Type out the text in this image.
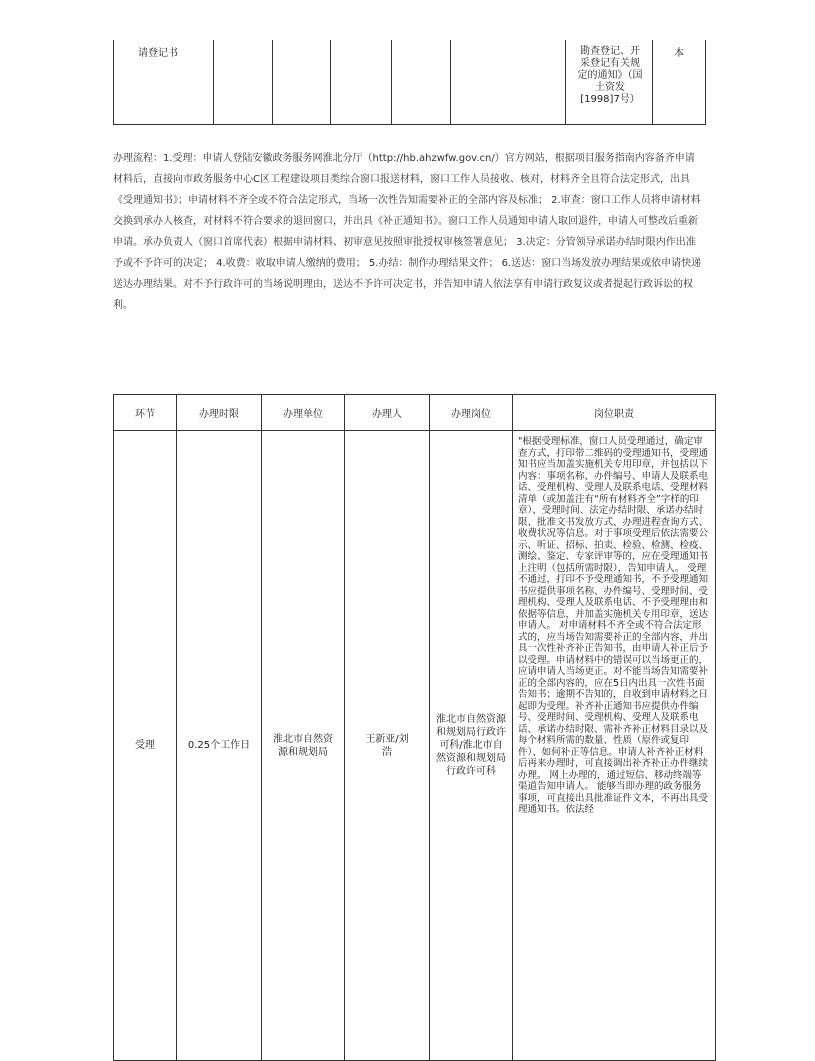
请登记书						勘查登记、开采登记有关规定的通知》（国土资发[1998]7号）	本
办理流程：1.受理：申请人登陆安徽政务服务网淮北分厅（http://hb.ahzwfw.gov.cn/）官方网站，根据项目服务指南内容备齐申请材料后，直接向市政务服务中心C区工程建设项目类综合窗口报送材料，窗口工作人员接收、核对，材料齐全且符合法定形式，出具《受理通知书》；申请材料不齐全或不符合法定形式，当场一次性告知需要补正的全部内容及标准； 2.审查：窗口工作人员将申请材料交换到承办人核查，对材料不符合要求的退回窗口，并出具《补正通知书》。窗口工作人员通知申请人取回退件，申请人可整改后重新申请。承办负责人（窗口首席代表）根据申请材料、初审意见按照审批授权审核签署意见； 3.决定：分管领导承诺办结时限内作出准予或不予许可的决定； 4.收费：收取申请人缴纳的费用； 5.办结：制作办理结果文件； 6.送达：窗口当场发放办理结果或依申请快递送达办理结果。对不予行政许可的当场说明理由，送达不予许可决定书，并告知申请人依法享有申请行政复议或者提起行政诉讼的权利。
环节	办理时限	办理单位	办理人	办理岗位	岗位职责
受理	0.25个工作日	淮北市自然资源和规划局	王新亚/刘浩	淮北市自然资源和规划局行政许可科/淮北市自然资源和规划局行政许可科	"根据受理标准，窗口人员受理通过，确定审查方式，打印带二维码的受理通知书，受理通知书应当加盖实施机关专用印章，并包括以下内容：事项名称、办件编号、申请人及联系电话、受理机构、受理人及联系电话、受理材料清单（或加盖注有“所有材料齐全”字样的印章）、受理时间、法定办结时限、承诺办结时限、批准文书发放方式、办理进程查询方式、收费状况等信息。对于事项受理后依法需要公示、听证、招标、拍卖、检验、检测、检疫、测绘、鉴定、专家评审等的，应在受理通知书上注明（包括所需时限），告知申请人。 受理不通过，打印不予受理通知书，不予受理通知书应提供事项名称、办件编号、受理时间、受理机构、受理人及联系电话、不予受理理由和依据等信息，并加盖实施机关专用印章，送达申请人。 对申请材料不齐全或不符合法定形式的，应当场告知需要补正的全部内容，并出具一次性补齐补正告知书，由申请人补正后予以受理。申请材料中的错误可以当场更正的，应请申请人当场更正。对不能当场告知需要补正的全部内容的，应在5日内出具一次性书面告知书；逾期不告知的，自收到申请材料之日起即为受理。补齐补正通知书应提供办件编号、受理时间、受理机构、受理人及联系电话、承诺办结时限、需补齐补正材料目录以及每个材料所需的数量、性质（原件或复印件）、如何补正等信息。申请人补齐补正材料后再来办理时，可直接调出补齐补正办件继续办理。 网上办理的，通过短信、移动终端等渠道告知申请人。 能够当即办理的政务服务事项，可直接出具批准证件文本，不再出具受理通知书。依法经
